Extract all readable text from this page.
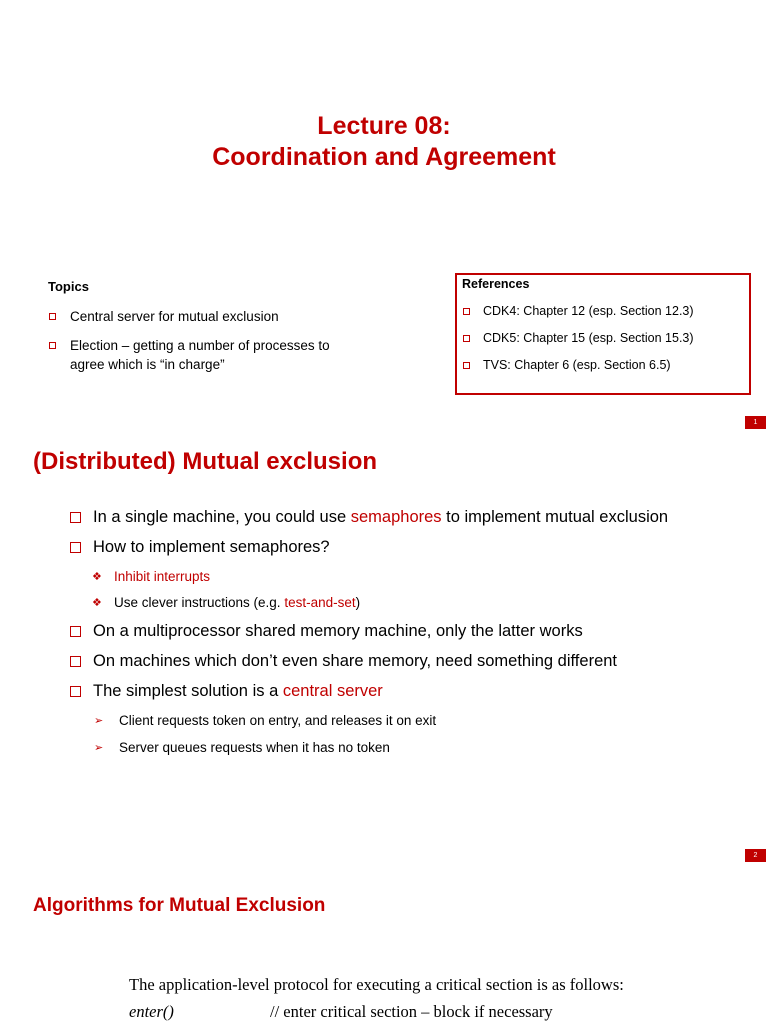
Lecture 08:
Coordination and Agreement
Topics
Central server for mutual exclusion
Election – getting a number of processes to
agree which is “in charge”
References
CDK4: Chapter 12 (esp. Section 12.3)
CDK5: Chapter 15 (esp. Section 15.3)
TVS: Chapter 6 (esp. Section 6.5)
1
(Distributed) Mutual exclusion
In a single machine, you could use semaphores to implement mutual exclusion
How to implement semaphores?
❖ Inhibit interrupts
❖ Use clever instructions (e.g. test-and-set)
On a multiprocessor shared memory machine, only the latter works
On machines which don’t even share memory, need something different
The simplest solution is a central server
➢ Client requests token on entry, and releases it on exit
➢ Server queues requests when it has no token
2
Algorithms for Mutual Exclusion
The application-level protocol for executing a critical section is as follows:
enter()	// enter critical section – block if necessary
